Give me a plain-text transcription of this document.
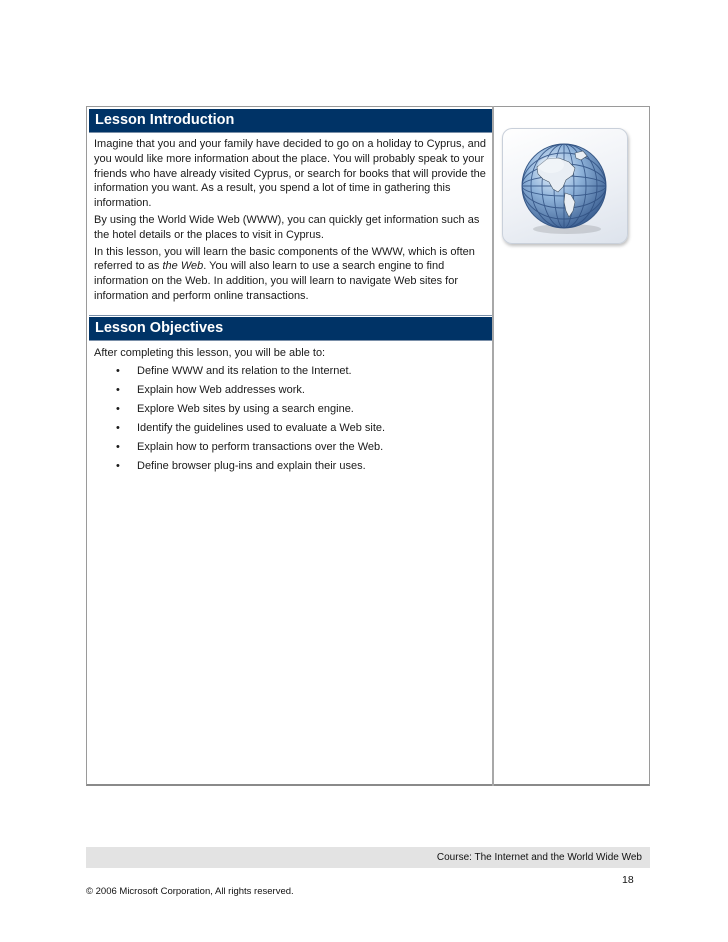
Lesson Introduction

Imagine that you and your family have decided to go on a holiday to Cyprus, and you would like more information about the place. You will probably speak to your friends who have already visited Cyprus, or search for books that will provide the information you want. As a result, you spend a lot of time in gathering this information.

By using the World Wide Web (WWW), you can quickly get information such as the hotel details or the places to visit in Cyprus.

In this lesson, you will learn the basic components of the WWW, which is often referred to as the Web. You will also learn to use a search engine to find information on the Web. In addition, you will learn to navigate Web sites for information and perform online transactions.

Lesson Objectives

After completing this lesson, you will be able to:

• Define WWW and its relation to the Internet.
• Explain how Web addresses work.
• Explore Web sites by using a search engine.
• Identify the guidelines used to evaluate a Web site.
• Explain how to perform transactions over the Web.
• Define browser plug-ins and explain their uses.
Course: The Internet and the World Wide Web
18
© 2006 Microsoft Corporation, All rights reserved.
